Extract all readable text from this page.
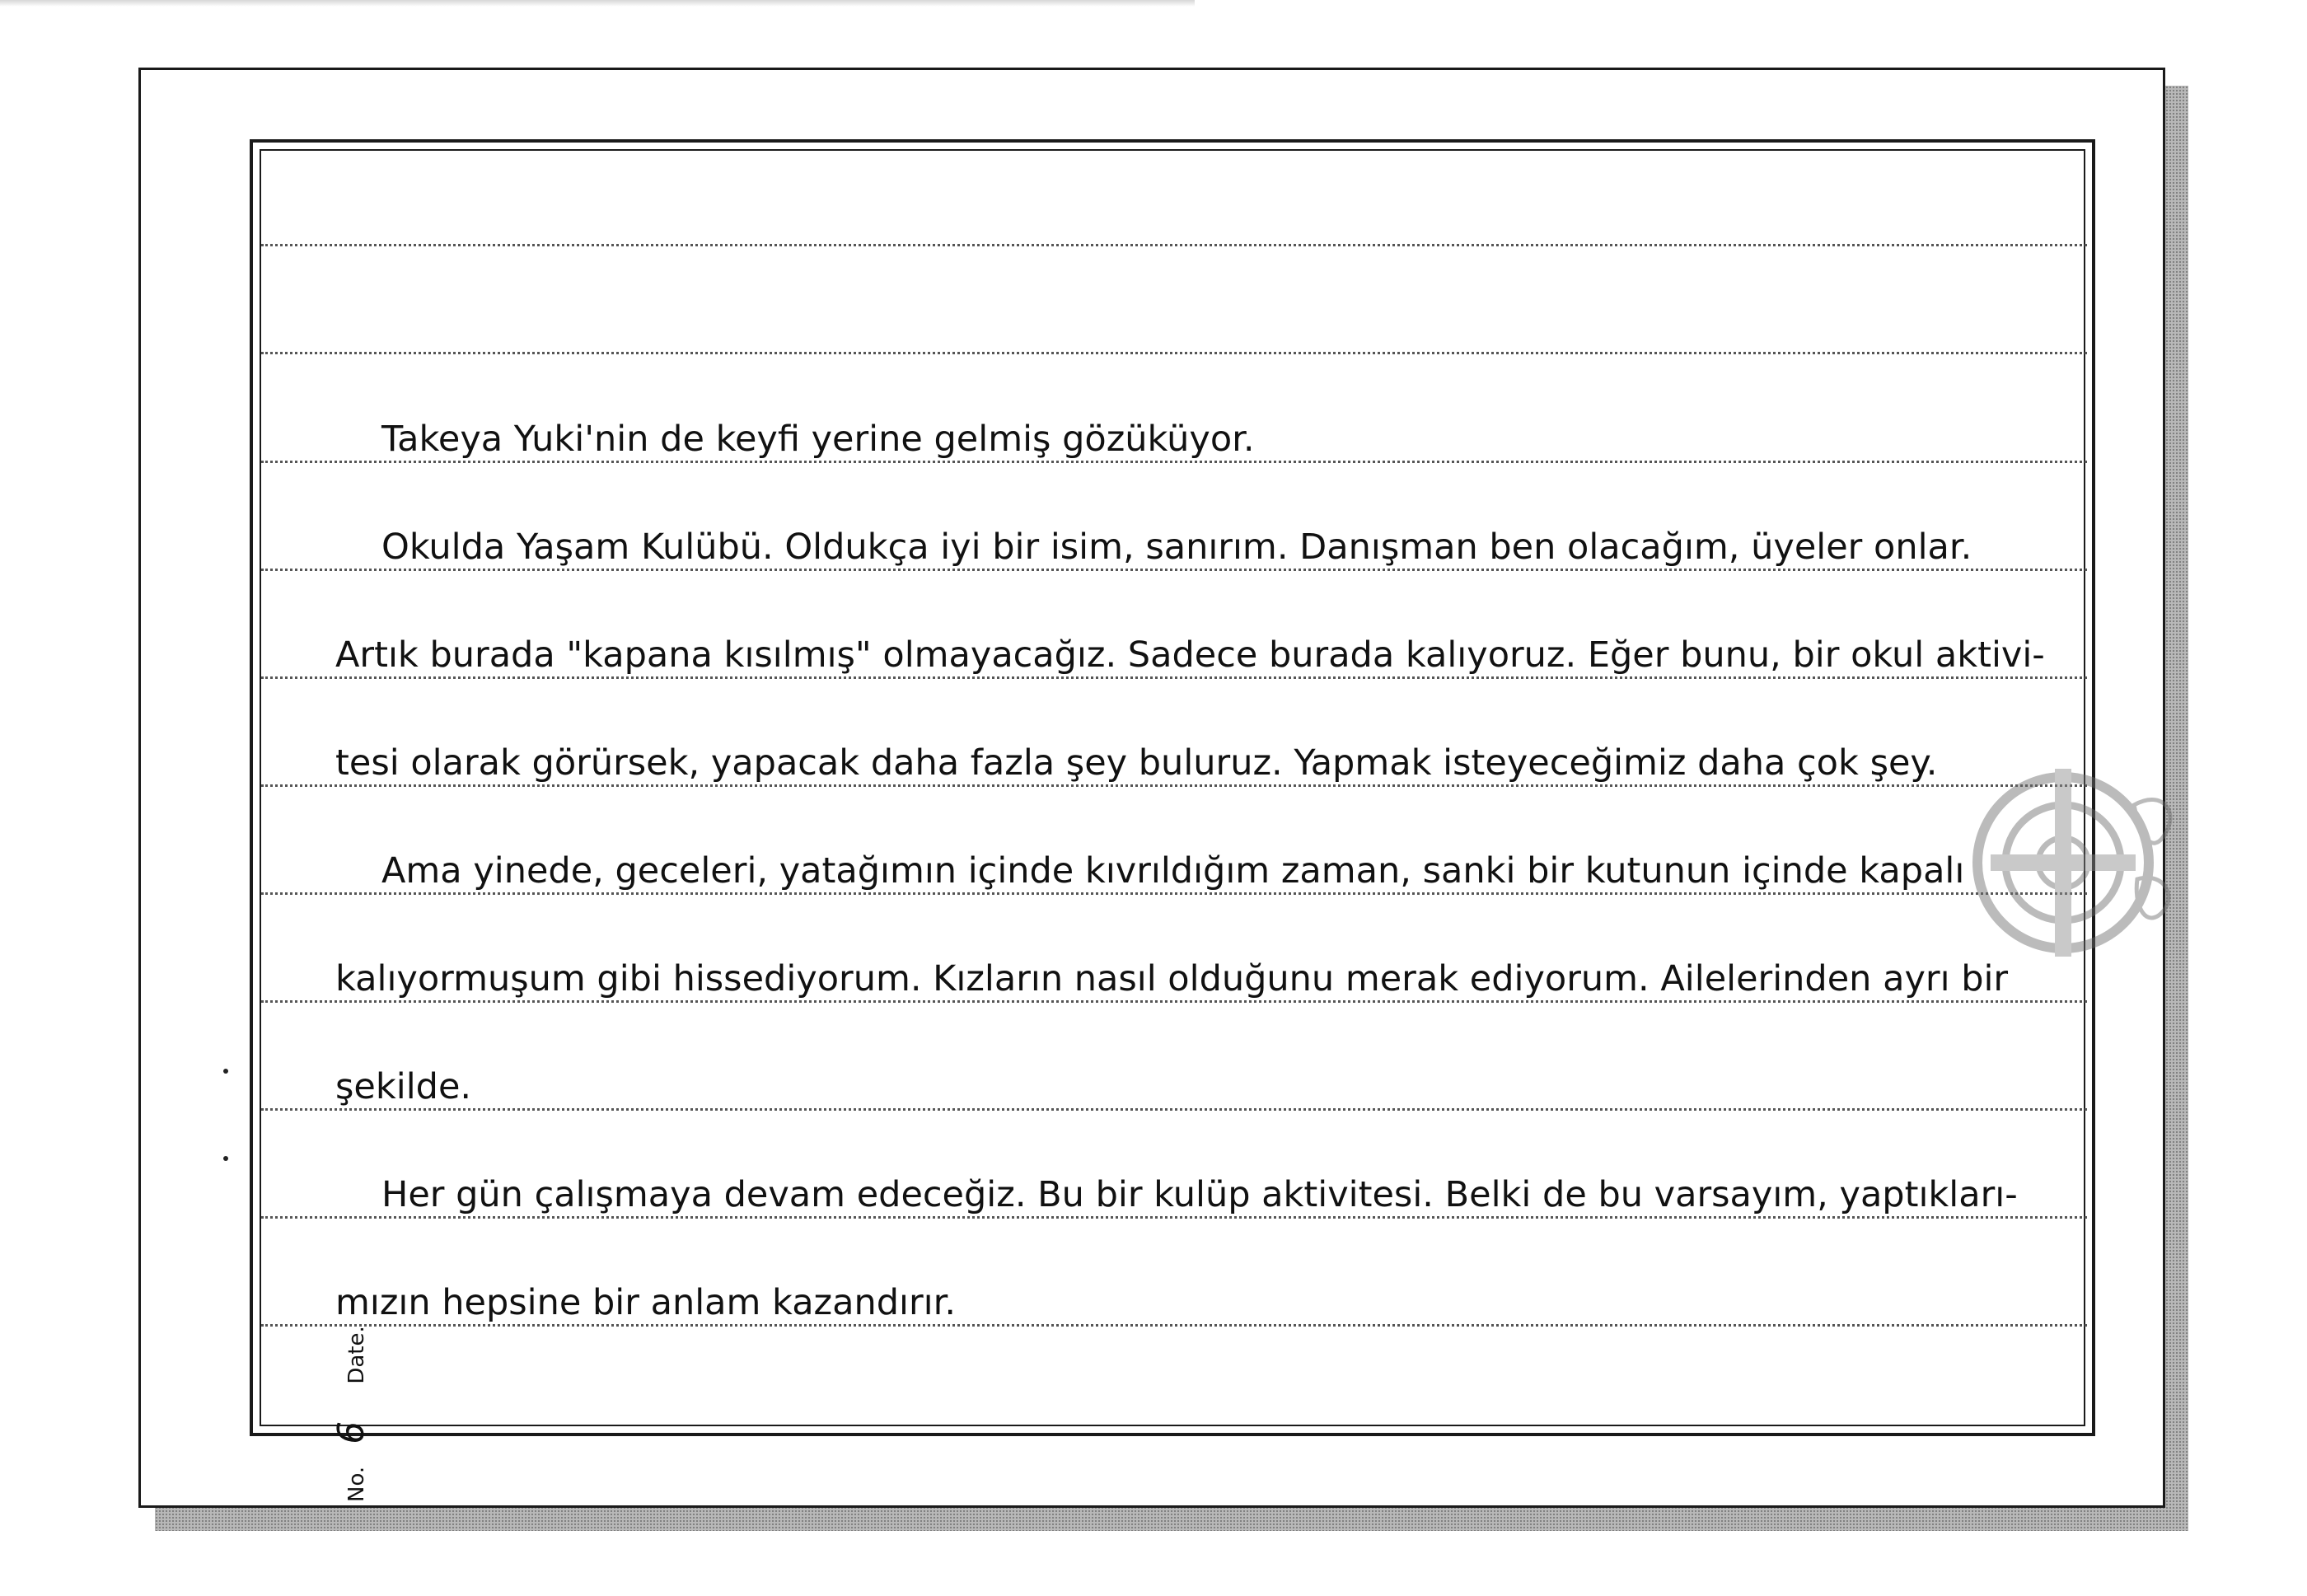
Takeya Yuki'nin de keyfi yerine gelmiş gözüküyor.
Okulda Yaşam Kulübü. Oldukça iyi bir isim, sanırım. Danışman ben olacağım, üyeler onlar.
Artık burada "kapana kısılmış" olmayacağız. Sadece burada kalıyoruz. Eğer bunu, bir okul aktivi-
tesi olarak görürsek, yapacak daha fazla şey buluruz. Yapmak isteyeceğimiz daha çok şey.
Ama yinede, geceleri, yatağımın içinde kıvrıldığım zaman, sanki bir kutunun içinde kapalı
kalıyormuşum gibi hissediyorum. Kızların nasıl olduğunu merak ediyorum. Ailelerinden ayrı bir
şekilde.
Her gün çalışmaya devam edeceğiz. Bu bir kulüp aktivitesi. Belki de bu varsayım, yaptıkları-
mızın hepsine bir anlam kazandırır.
No. 6 Date.
